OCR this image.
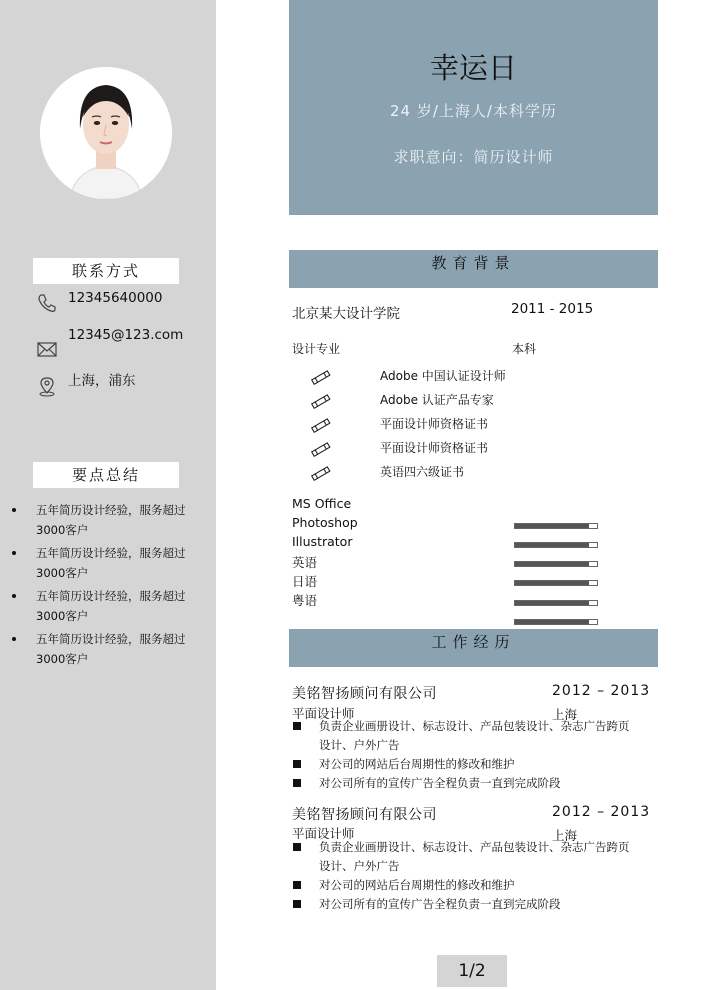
联系方式
12345640000
12345@123.com
上海，浦东
要点总结
五年简历设计经验，服务超过3000客户
五年简历设计经验，服务超过3000客户
五年简历设计经验，服务超过3000客户
五年简历设计经验，服务超过3000客户
幸运日
24 岁/上海人/本科学历
求职意向：简历设计师
教育背景
北京某大设计学院	2011 - 2015
设计专业	本科
Adobe 中国认证设计师
Adobe 认证产品专家
平面设计师资格证书
平面设计师资格证书
英语四六级证书
MS Office
Photoshop
Illustrator
英语
日语
粤语
工作经历
美铭智扬顾问有限公司	2012 – 2013
平面设计师	上海
负责企业画册设计、标志设计、产品包装设计、杂志广告跨页设计、户外广告
对公司的网站后台周期性的修改和维护
对公司所有的宣传广告全程负责一直到完成阶段
美铭智扬顾问有限公司	2012 – 2013
平面设计师	上海
负责企业画册设计、标志设计、产品包装设计、杂志广告跨页设计、户外广告
对公司的网站后台周期性的修改和维护
对公司所有的宣传广告全程负责一直到完成阶段
1/2
